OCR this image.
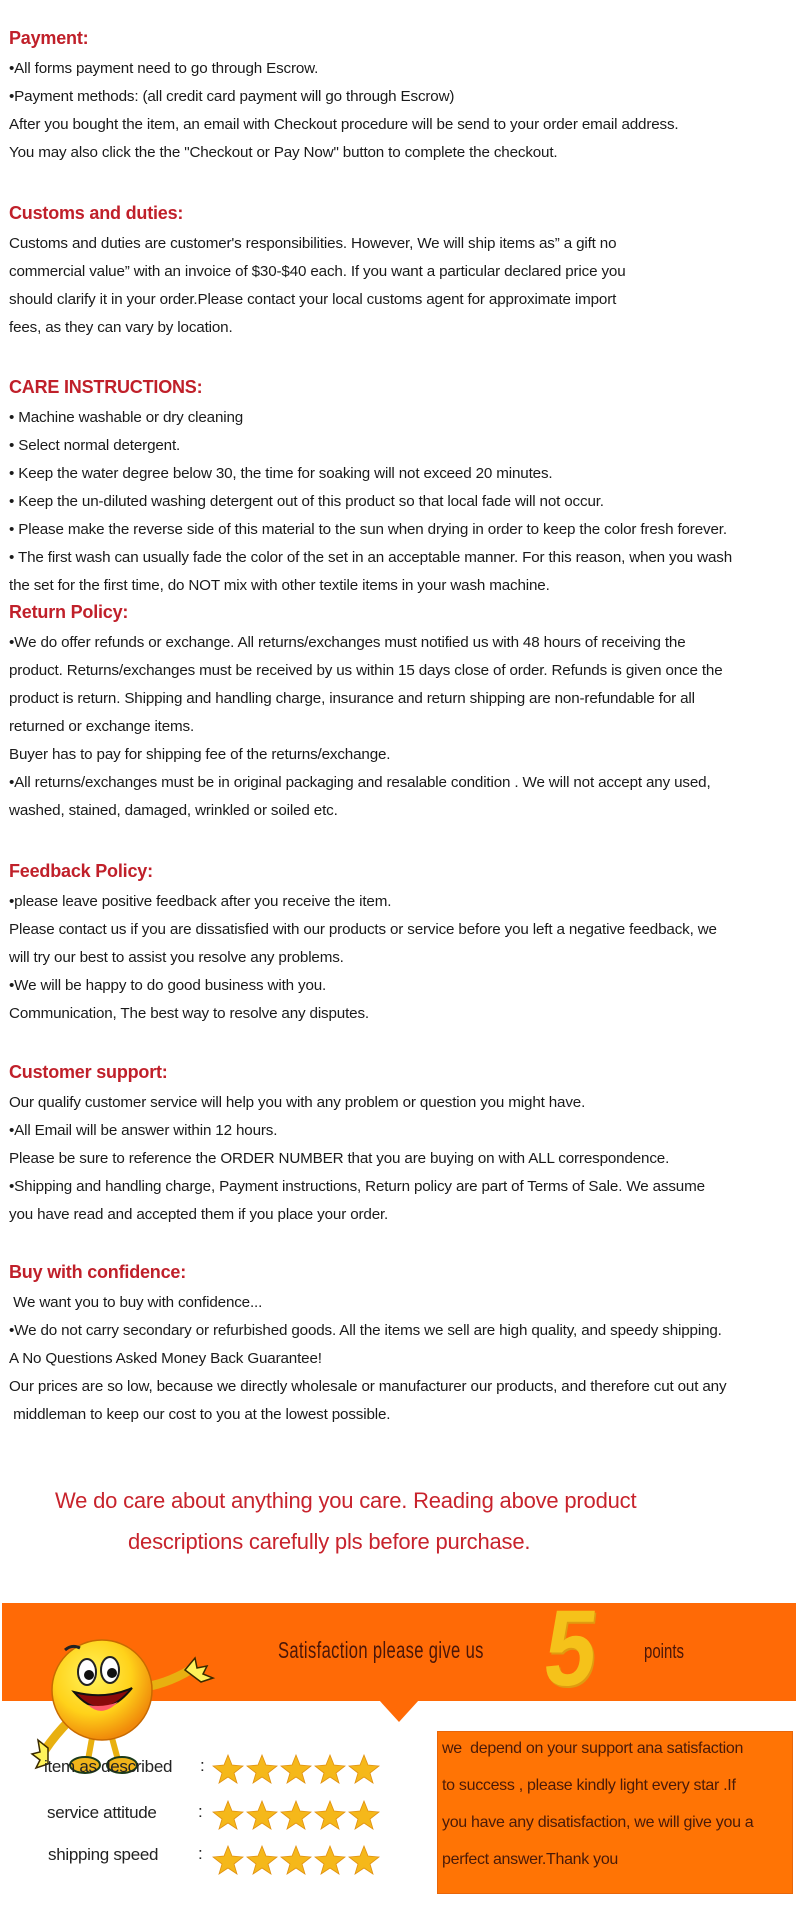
Payment:

•All forms payment need to go through Escrow.

•Payment methods: (all credit card payment will go through Escrow)

After you bought the item, an email with Checkout procedure will be send to your order email address.

You may also click the the "Checkout or Pay Now" button to complete the checkout.

Customs and duties:

Customs and duties are customer's responsibilities. However, We will ship items as” a gift no

commercial value” with an invoice of $30-$40 each. If you want a particular declared price you

should clarify it in your order.Please contact your local customs agent for approximate import

fees, as they can vary by location.

CARE INSTRUCTIONS:

• Machine washable or dry cleaning

• Select normal detergent.

• Keep the water degree below 30, the time for soaking will not exceed 20 minutes.

• Keep the un-diluted washing detergent out of this product so that local fade will not occur.

• Please make the reverse side of this material to the sun when drying in order to keep the color fresh forever.

• The first wash can usually fade the color of the set in an acceptable manner. For this reason, when you wash

the set for the first time, do NOT mix with other textile items in your wash machine.

Return Policy:

•We do offer refunds or exchange. All returns/exchanges must notified us with 48 hours of receiving the

product. Returns/exchanges must be received by us within 15 days close of order. Refunds is given once the

product is return. Shipping and handling charge, insurance and return shipping are non-refundable for all

returned or exchange items.

Buyer has to pay for shipping fee of the returns/exchange.

•All returns/exchanges must be in original packaging and resalable condition . We will not accept any used,

washed, stained, damaged, wrinkled or soiled etc.

Feedback Policy:

•please leave positive feedback after you receive the item.

Please contact us if you are dissatisfied with our products or service before you left a negative feedback, we

will try our best to assist you resolve any problems.

•We will be happy to do good business with you.

Communication, The best way to resolve any disputes.

Customer support:

Our qualify customer service will help you with any problem or question you might have.

•All Email will be answer within 12 hours.

Please be sure to reference the ORDER NUMBER that you are buying on with ALL correspondence.

•Shipping and handling charge, Payment instructions, Return policy are part of Terms of Sale. We assume

you have read and accepted them if you place your order.

Buy with confidence:

We want you to buy with confidence...

•We do not carry secondary or refurbished goods. All the items we sell are high quality, and speedy shipping.

A No Questions Asked Money Back Guarantee!

Our prices are so low, because we directly wholesale or manufacturer our products, and therefore cut out any

middleman to keep our cost to you at the lowest possible.

We do care about anything you care. Reading above product
descriptions carefully pls before purchase.
Satisfaction please give us 5 points
item as described :
service attitude :
shipping speed :
we  depend on your support ana satisfaction
to success , please kindly light every star .If
you have any disatisfaction, we will give you a
perfect answer.Thank you
